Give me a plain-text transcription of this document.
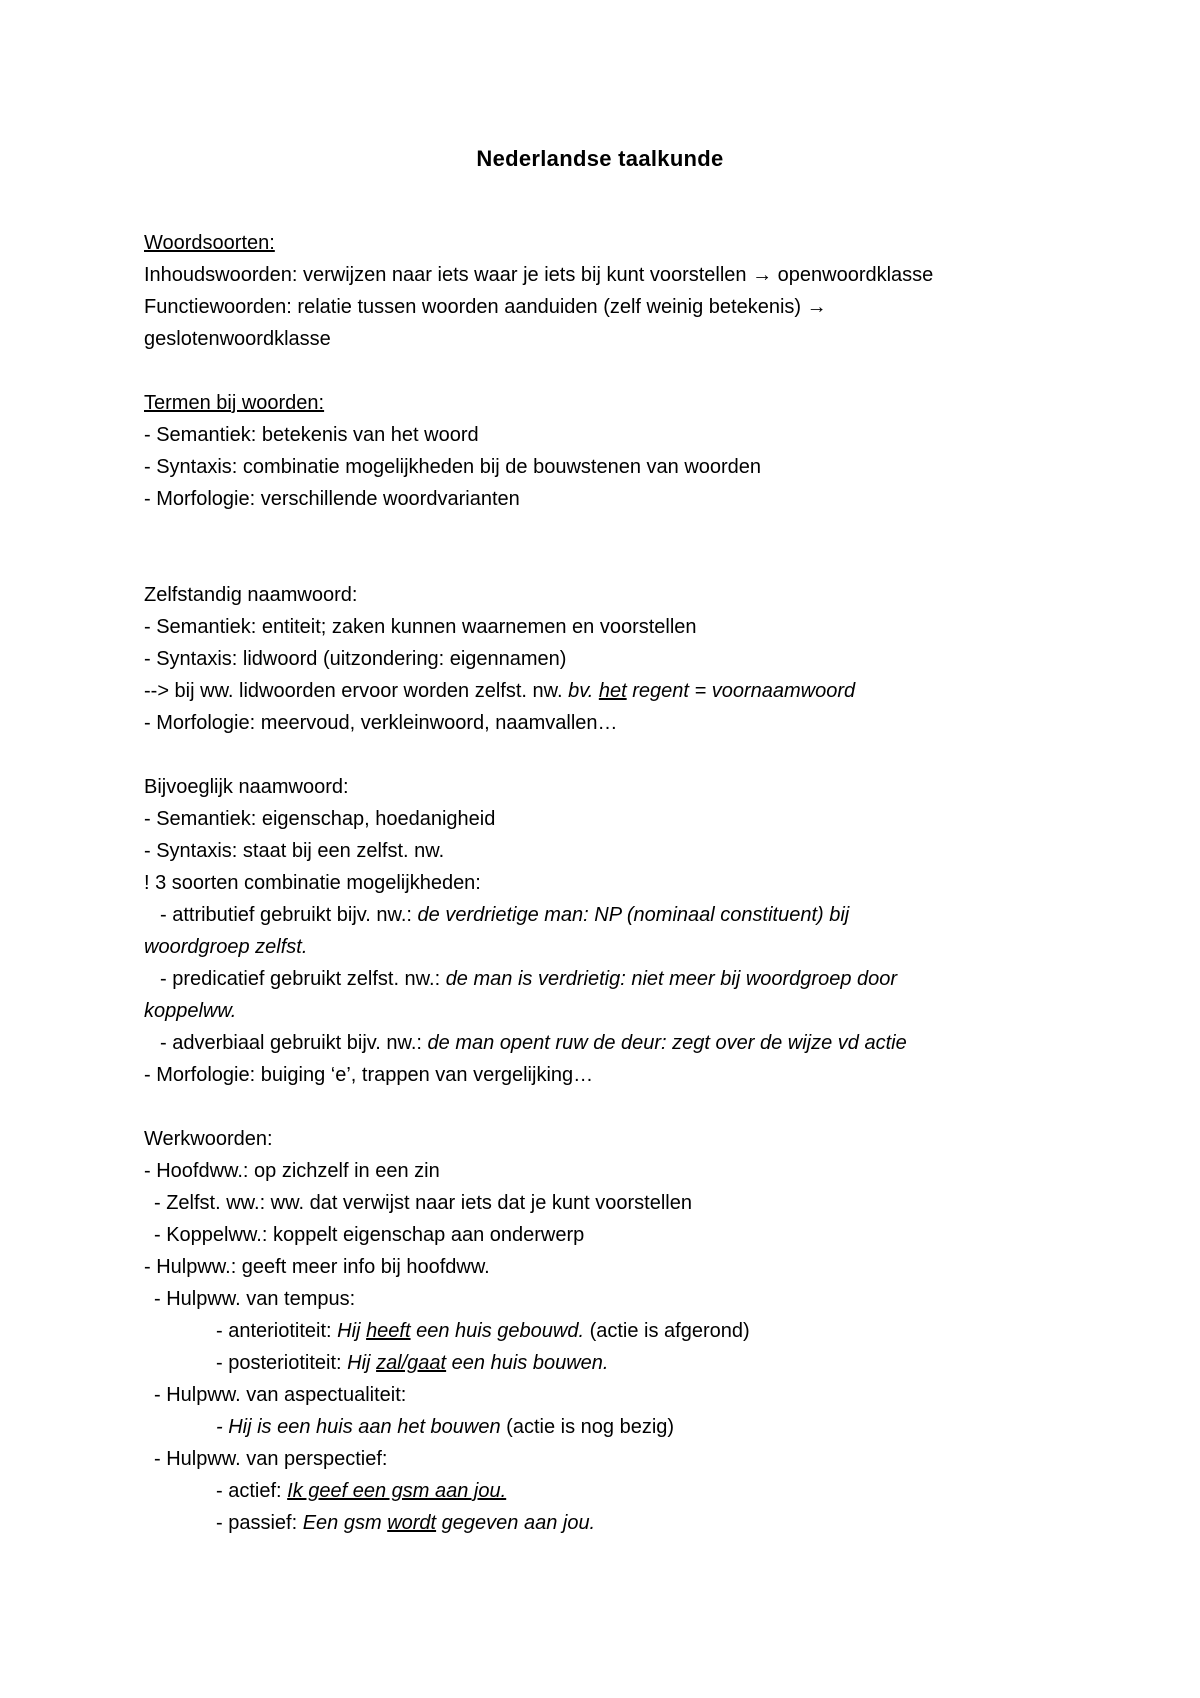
Nederlandse taalkunde
Woordsoorten:
Inhoudswoorden: verwijzen naar iets waar je iets bij kunt voorstellen → openwoordklasse
Functiewoorden: relatie tussen woorden aanduiden (zelf weinig betekenis) →
geslotenwoordklasse
Termen bij woorden:
- Semantiek: betekenis van het woord
- Syntaxis: combinatie mogelijkheden bij de bouwstenen van woorden
- Morfologie: verschillende woordvarianten
Zelfstandig naamwoord:
- Semantiek: entiteit; zaken kunnen waarnemen en voorstellen
- Syntaxis: lidwoord (uitzondering: eigennamen)
--> bij ww. lidwoorden ervoor worden zelfst. nw. bv. het regent = voornaamwoord
- Morfologie: meervoud, verkleinwoord, naamvallen…
Bijvoeglijk naamwoord:
- Semantiek: eigenschap, hoedanigheid
- Syntaxis: staat bij een zelfst. nw.
! 3 soorten combinatie mogelijkheden:
- attributief gebruikt bijv. nw.: de verdrietige man: NP (nominaal constituent) bij
woordgroep zelfst.
- predicatief gebruikt zelfst. nw.: de man is verdrietig: niet meer bij woordgroep door
koppelww.
- adverbiaal gebruikt bijv. nw.: de man opent ruw de deur: zegt over de wijze vd actie
- Morfologie: buiging ‘e’, trappen van vergelijking…
Werkwoorden:
- Hoofdww.: op zichzelf in een zin
- Zelfst. ww.: ww. dat verwijst naar iets dat je kunt voorstellen
- Koppelww.: koppelt eigenschap aan onderwerp
- Hulpww.: geeft meer info bij hoofdww.
- Hulpww. van tempus:
- anteriotiteit: Hij heeft een huis gebouwd. (actie is afgerond)
- posteriotiteit: Hij zal/gaat een huis bouwen.
- Hulpww. van aspectualiteit:
- Hij is een huis aan het bouwen (actie is nog bezig)
- Hulpww. van perspectief:
- actief: Ik geef een gsm aan jou.
- passief: Een gsm wordt gegeven aan jou.
